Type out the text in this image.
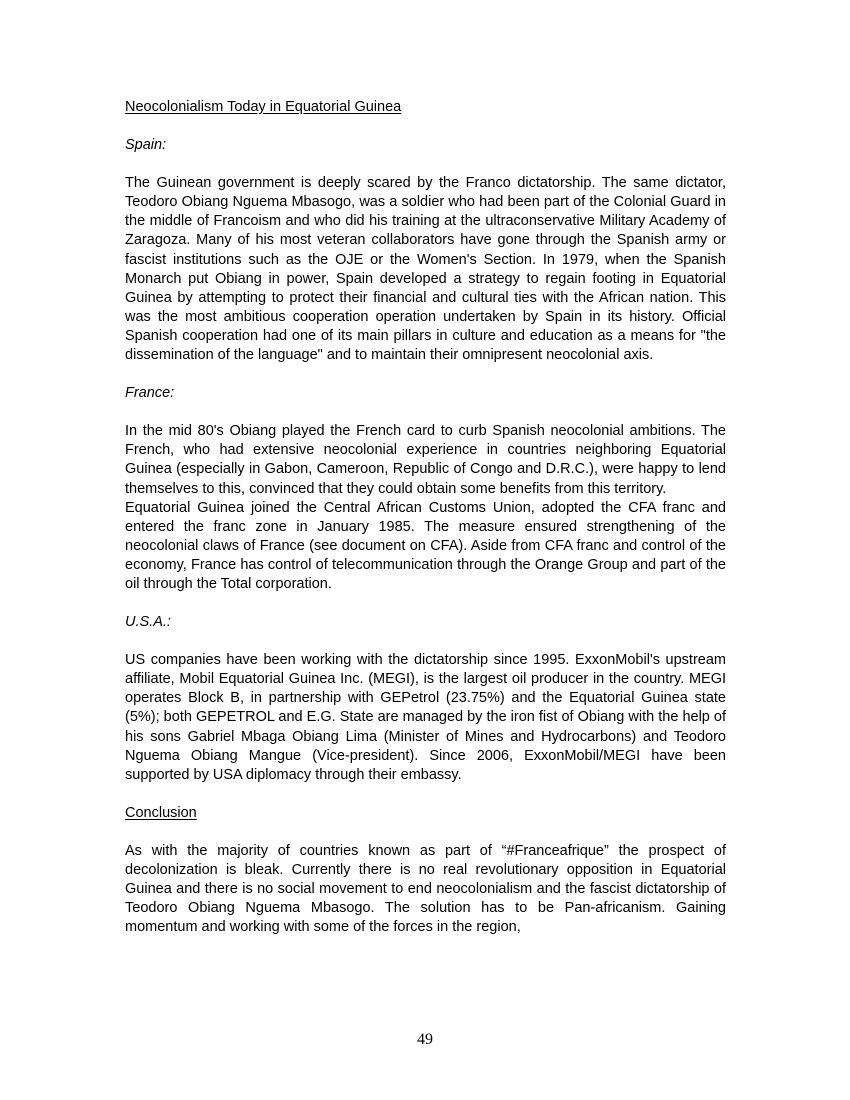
Neocolonialism Today in Equatorial Guinea

Spain:

The Guinean government is deeply scared by the Franco dictatorship. The same dictator, Teodoro Obiang Nguema Mbasogo, was a soldier who had been part of the Colonial Guard in the middle of Francoism and who did his training at the ultraconservative Military Academy of Zaragoza. Many of his most veteran collaborators have gone through the Spanish army or fascist institutions such as the OJE or the Women's Section. In 1979, when the Spanish Monarch put Obiang in power, Spain developed a strategy to regain footing in Equatorial Guinea by attempting to protect their financial and cultural ties with the African nation. This was the most ambitious cooperation operation undertaken by Spain in its history. Official Spanish cooperation had one of its main pillars in culture and education as a means for "the dissemination of the language" and to maintain their omnipresent neocolonial axis.

France:

In the mid 80's Obiang played the French card to curb Spanish neocolonial ambitions. The French, who had extensive neocolonial experience in countries neighboring Equatorial Guinea (especially in Gabon, Cameroon, Republic of Congo and D.R.C.), were happy to lend themselves to this, convinced that they could obtain some benefits from this territory.

Equatorial Guinea joined the Central African Customs Union, adopted the CFA franc and entered the franc zone in January 1985. The measure ensured strengthening of the neocolonial claws of France (see document on CFA). Aside from CFA franc and control of the economy, France has control of telecommunication through the Orange Group and part of the oil through the Total corporation.

U.S.A.:

US companies have been working with the dictatorship since 1995. ExxonMobil's upstream affiliate, Mobil Equatorial Guinea Inc. (MEGI), is the largest oil producer in the country. MEGI operates Block B, in partnership with GEPetrol (23.75%) and the Equatorial Guinea state (5%); both GEPETROL and E.G. State are managed by the iron fist of Obiang with the help of his sons Gabriel Mbaga Obiang Lima (Minister of Mines and Hydrocarbons) and Teodoro Nguema Obiang Mangue (Vice-president). Since 2006, ExxonMobil/MEGI have been supported by USA diplomacy through their embassy.

Conclusion

As with the majority of countries known as part of “#Franceafrique” the prospect of decolonization is bleak. Currently there is no real revolutionary opposition in Equatorial Guinea and there is no social movement to end neocolonialism and the fascist dictatorship of Teodoro Obiang Nguema Mbasogo. The solution has to be Pan-africanism. Gaining momentum and working with some of the forces in the region,

49
